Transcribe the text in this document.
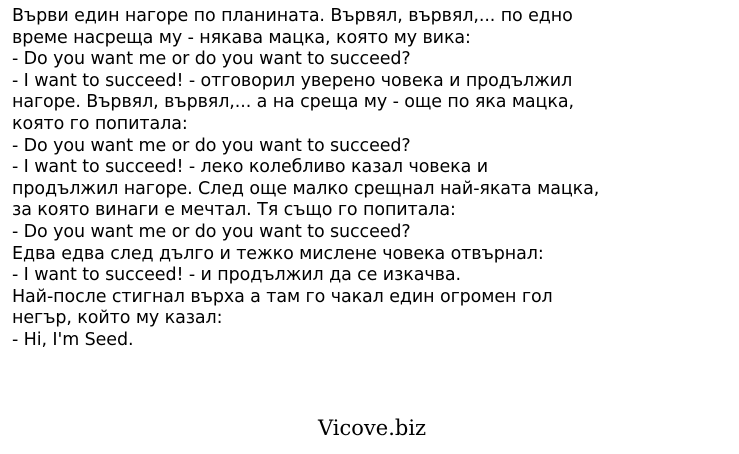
Върви един нагоре по планината. Вървял, вървял,... по едно
време насреща му - някава мацка, която му вика:
- Do you want me or do you want to succeed?
- I want to succeed! - отговорил уверено човека и продължил
нагоре. Вървял, вървял,... а на среща му - още по яка мацка,
която го попитала:
- Do you want me or do you want to succeed?
- I want to succeed! - леко колебливо казал човека и
продължил нагоре. След още малко срещнал най-яката мацка,
за която винаги е мечтал. Тя също го попитала:
- Do you want me or do you want to succeed?
Едва едва след дълго и тежко мислене човека отвърнал:
- I want to succeed! - и продължил да се изкачва.
Най-после стигнал върха а там го чакал един огромен гол
негър, който му казал:
- Hi, I'm Seed.
Vicove.biz
